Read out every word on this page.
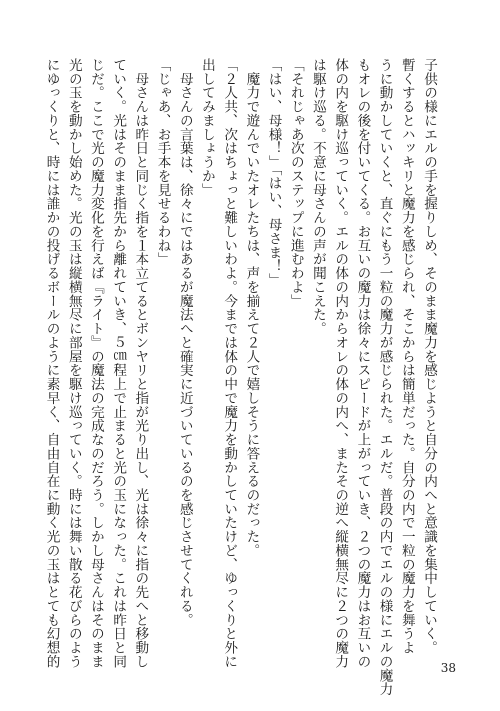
子供の様にエルの手を握りしめ、そのまま魔力を感じようと自分の内へと意識を集中していく。

暫くするとハッキリと魔力を感じられ、そこからは簡単だった。自分の内で一粒の魔力を舞うよ

うに動かしていくと、直ぐにもう一粒の魔力が感じられた。エルだ。普段の内でエルの様にエルの魔力

もオレの後を付いてくる。お互いの魔力は徐々にスピードが上がっていき、２つの魔力はお互いの

体の内を駆け巡っていく。エルの体の内からオレの体の内へ、またその逆へ縦横無尽に２つの魔力

は駆け巡る。不意に母さんの声が聞こえた。

「それじゃあ次のステップに進むわよ」

「はい、母様！」「はい、母さま！」

　魔力で遊んでいたオレたちは、声を揃えて２人で嬉しそうに答えるのだった。

「２人共、次はちょっと難しいわよ。今までは体の中で魔力を動かしていたけど、ゆっくりと外に

出してみましょうか」

　母さんの言葉は、徐々にではあるが魔法へと確実に近づいているのを感じさせてくれる。

「じゃあ、お手本を見せるわね」

　母さんは昨日と同じく指を１本立てるとボンヤリと指が光り出し、光は徐々に指の先へと移動し

ていく。光はそのまま指先から離れていき、５㎝程上で止まると光の玉になった。これは昨日と同

じだ。ここで光の魔力変化を行えば『ライト』の魔法の完成なのだろう。しかし母さんはそのまま

光の玉を動かし始めた。光の玉は縦横無尽に部屋を駆け巡っていく。時には舞い散る花びらのよう

にゆっくりと、時には誰かの投げるボールのように素早く、自由自在に動く光の玉はとても幻想的	38
